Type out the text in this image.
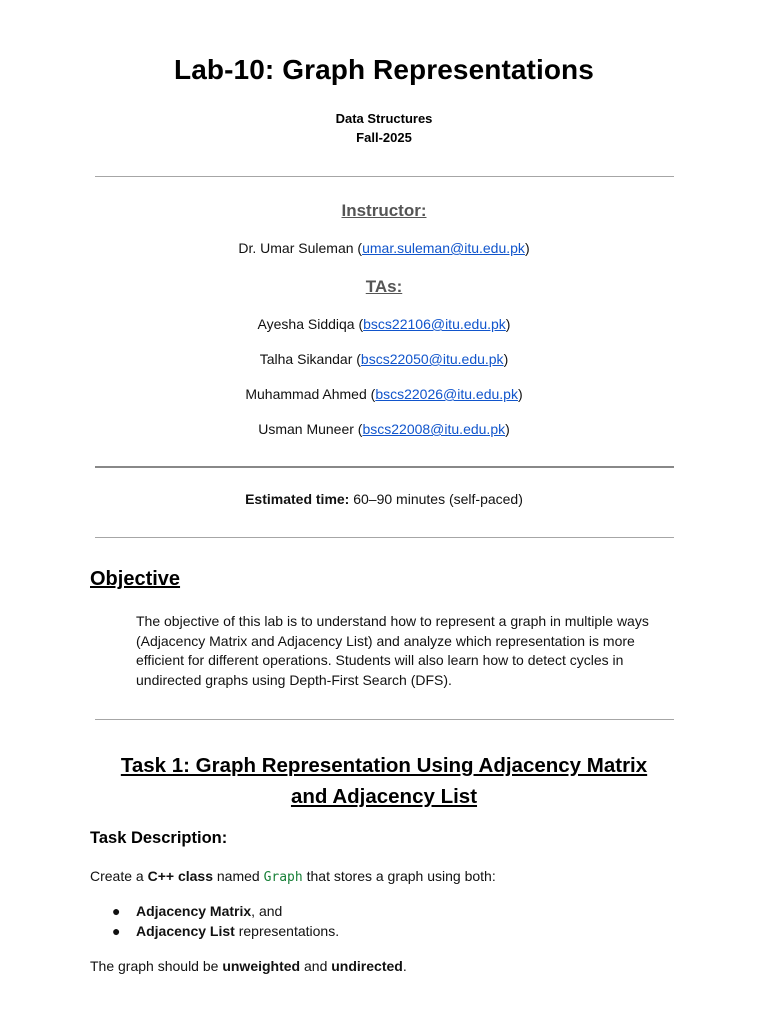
Lab-10: Graph Representations
Data Structures
Fall-2025
Instructor:
Dr. Umar Suleman (umar.suleman@itu.edu.pk)
TAs:
Ayesha Siddiqa (bscs22106@itu.edu.pk)
Talha Sikandar (bscs22050@itu.edu.pk)
Muhammad Ahmed (bscs22026@itu.edu.pk)
Usman Muneer (bscs22008@itu.edu.pk)
Estimated time: 60–90 minutes (self-paced)
Objective
The objective of this lab is to understand how to represent a graph in multiple ways (Adjacency Matrix and Adjacency List) and analyze which representation is more efficient for different operations. Students will also learn how to detect cycles in undirected graphs using Depth-First Search (DFS).
Task 1: Graph Representation Using Adjacency Matrix
and Adjacency List
Task Description:
Create a C++ class named Graph that stores a graph using both:
● Adjacency Matrix, and
● Adjacency List representations.
The graph should be unweighted and undirected.
